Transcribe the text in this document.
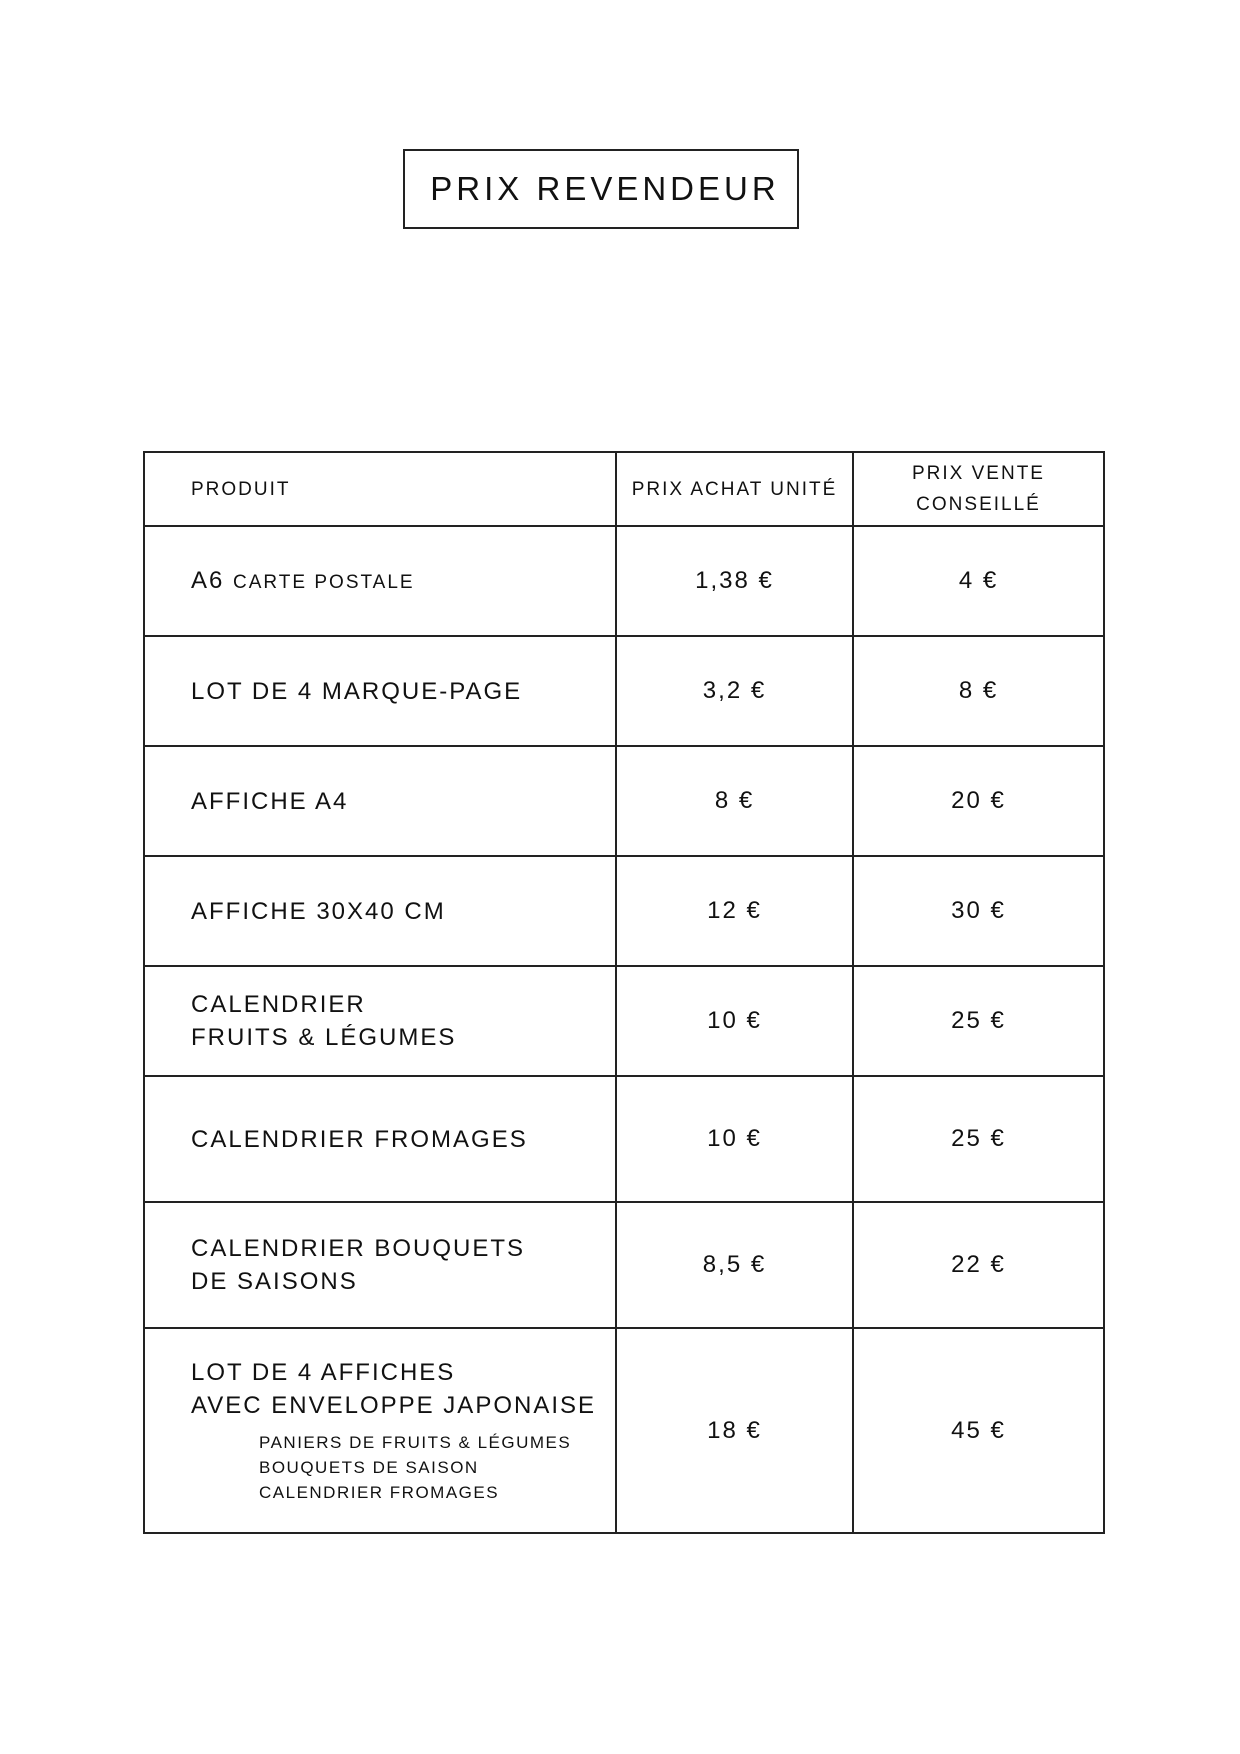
PRIX REVENDEUR
PRODUIT	PRIX ACHAT UNITÉ	PRIX VENTE
CONSEILLÉ

A6 CARTE POSTALE	1,38 €	4 €
LOT DE 4 MARQUE-PAGE	3,2 €	8 €
AFFICHE A4	8 €	20 €
AFFICHE 30X40 CM	12 €	30 €

CALENDRIER
FRUITS & LÉGUMES	10 €	25 €
CALENDRIER FROMAGES	10 €	25 €

CALENDRIER BOUQUETS
DE SAISONS	8,5 €	22 €

LOT DE 4 AFFICHES
AVEC ENVELOPPE JAPONAISE
PANIERS DE FRUITS & LÉGUMES
BOUQUETS DE SAISON
CALENDRIER FROMAGES	18 €	45 €
